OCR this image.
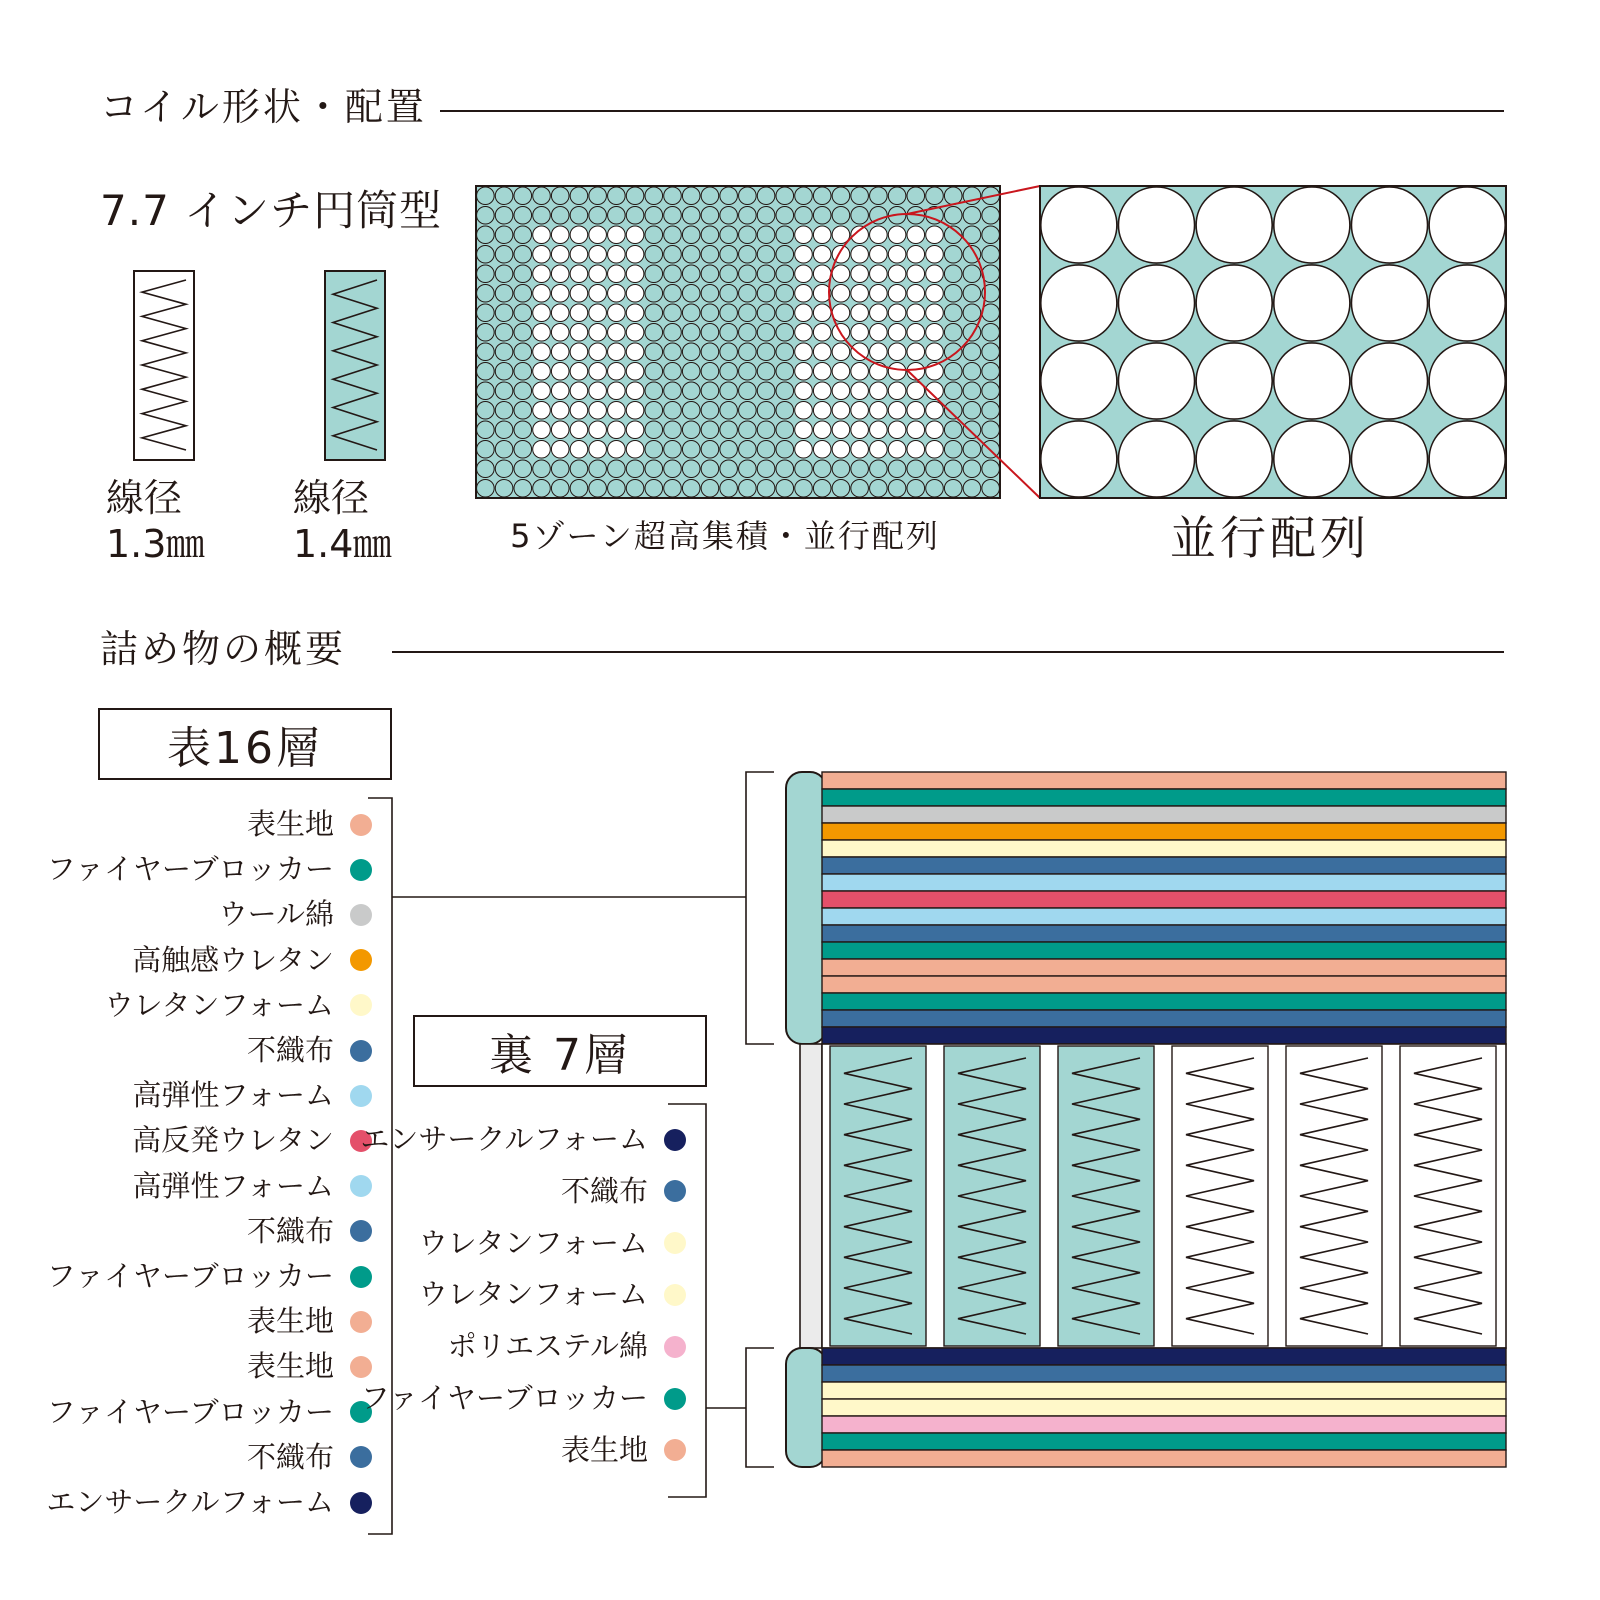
コイル形状・配置
詰め物の概要
7.7 インチ円筒型
線径
1.3㎜
線径
1.4㎜	5ゾーン超高集積・並行配列	並行配列
表16層
裏 7層
表生地
ファイヤーブロッカー
ウール綿
高触感ウレタン
ウレタンフォーム
不織布
高弾性フォーム
高反発ウレタン
高弾性フォーム
不織布
ファイヤーブロッカー
表生地
表生地
ファイヤーブロッカー
不織布
エンサークルフォーム
エンサークルフォーム
不織布
ウレタンフォーム
ウレタンフォーム
ポリエステル綿
ファイヤーブロッカー
表生地
